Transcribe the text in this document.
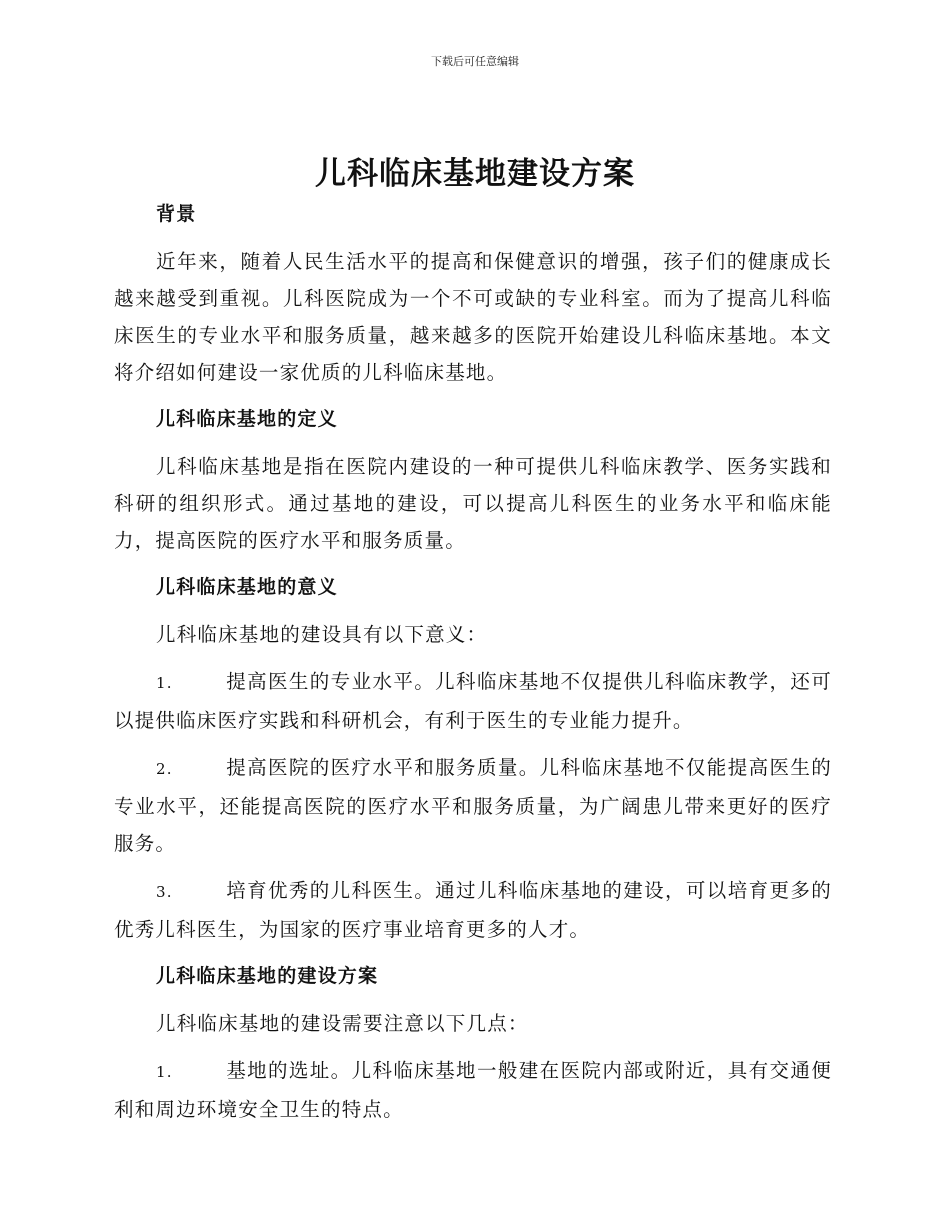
下载后可任意编辑
儿科临床基地建设方案

背景

近年来，随着人民生活水平的提高和保健意识的增强，孩子们的健康成长越来越受到重视。儿科医院成为一个不可或缺的专业科室。而为了提高儿科临床医生的专业水平和服务质量，越来越多的医院开始建设儿科临床基地。本文将介绍如何建设一家优质的儿科临床基地。

儿科临床基地的定义

儿科临床基地是指在医院内建设的一种可提供儿科临床教学、医务实践和科研的组织形式。通过基地的建设，可以提高儿科医生的业务水平和临床能力，提高医院的医疗水平和服务质量。

儿科临床基地的意义

儿科临床基地的建设具有以下意义：

1.	提高医生的专业水平。儿科临床基地不仅提供儿科临床教学，还可以提供临床医疗实践和科研机会，有利于医生的专业能力提升。

2.	提高医院的医疗水平和服务质量。儿科临床基地不仅能提高医生的专业水平，还能提高医院的医疗水平和服务质量，为广阔患儿带来更好的医疗服务。

3.	培育优秀的儿科医生。通过儿科临床基地的建设，可以培育更多的优秀儿科医生，为国家的医疗事业培育更多的人才。

儿科临床基地的建设方案

儿科临床基地的建设需要注意以下几点：

1.	基地的选址。儿科临床基地一般建在医院内部或附近，具有交通便利和周边环境安全卫生的特点。
